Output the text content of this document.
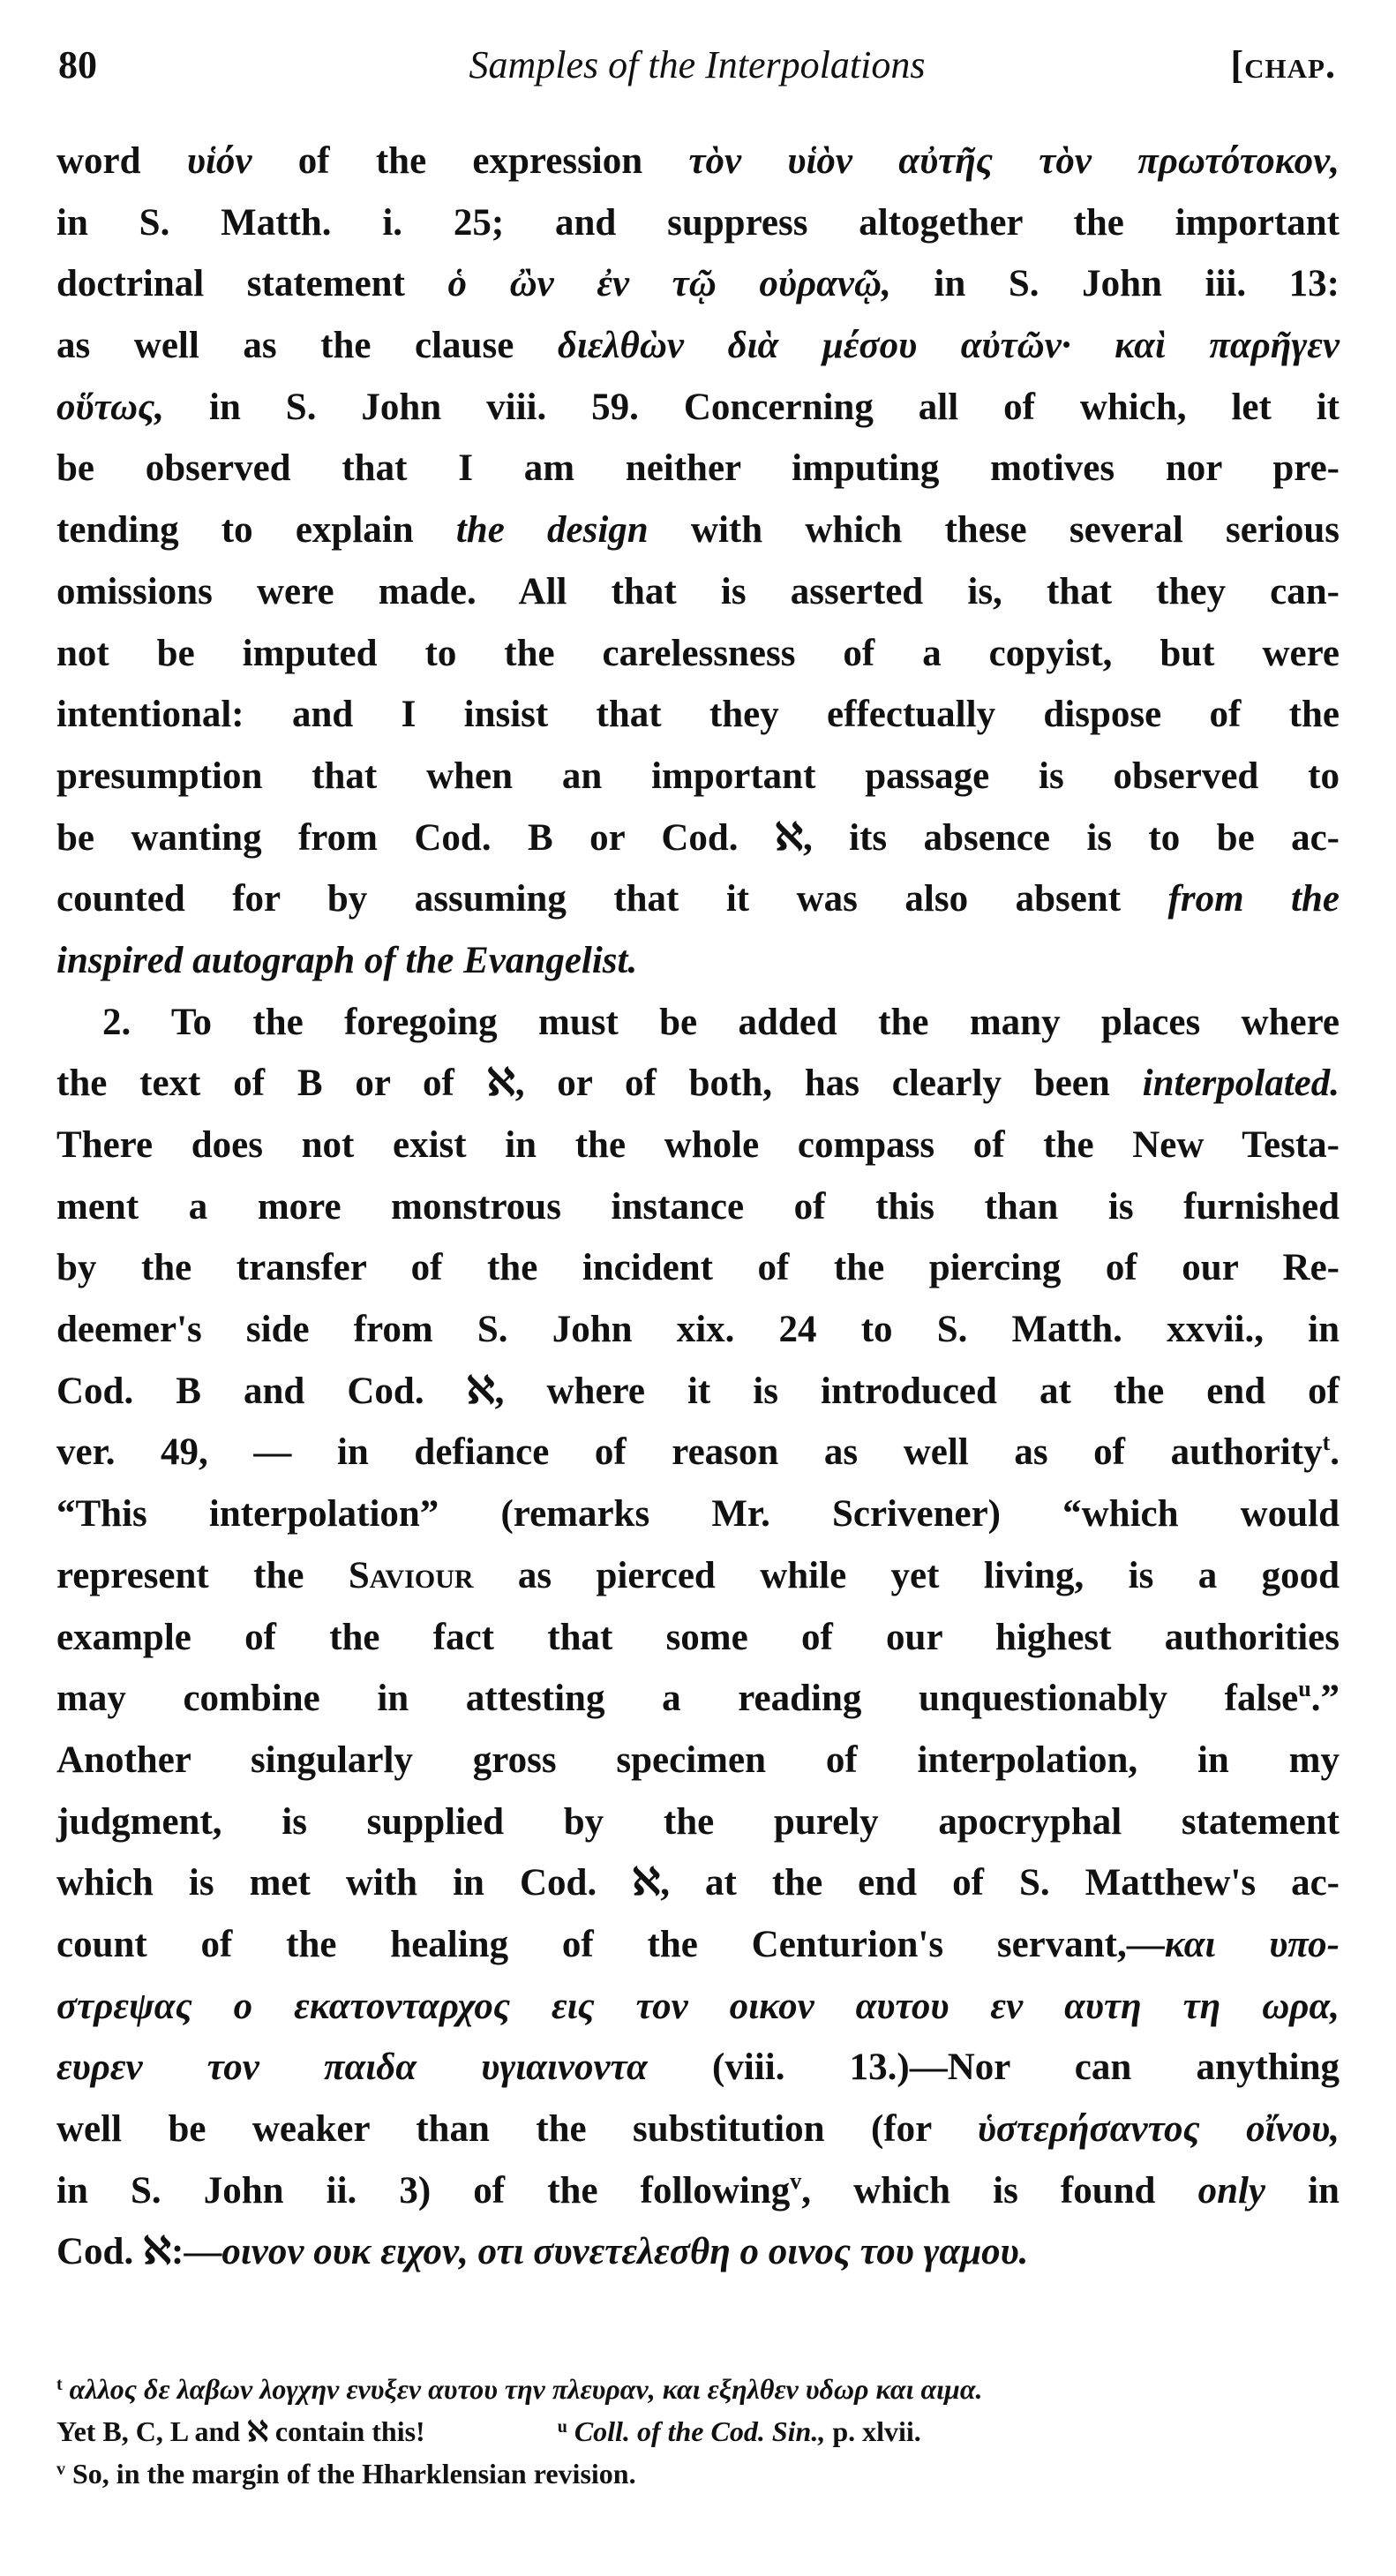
80	Samples of the Interpolations	[chap.
word υἱόν of the expression τὸν υἱὸν αὐτῆς τὸν πρωτότοκον,
in S. Matth. i. 25; and suppress altogether the important
doctrinal statement ὁ ὢν ἐν τῷ οὐρανῷ, in S. John iii. 13:
as well as the clause διελθὼν διὰ μέσου αὐτῶν· καὶ παρῆγεν
οὕτως, in S. John viii. 59. Concerning all of which, let it
be observed that I am neither imputing motives nor pre-
tending to explain the design with which these several serious
omissions were made. All that is asserted is, that they can-
not be imputed to the carelessness of a copyist, but were
intentional: and I insist that they effectually dispose of the
presumption that when an important passage is observed to
be wanting from Cod. B or Cod. ℵ, its absence is to be ac-
counted for by assuming that it was also absent from the
inspired autograph of the Evangelist.
2. To the foregoing must be added the many places where
the text of B or of ℵ, or of both, has clearly been interpolated.
There does not exist in the whole compass of the New Testa-
ment a more monstrous instance of this than is furnished
by the transfer of the incident of the piercing of our Re-
deemer's side from S. John xix. 24 to S. Matth. xxvii., in
Cod. B and Cod. ℵ, where it is introduced at the end of
ver. 49, — in defiance of reason as well as of authority$^t$.
“This interpolation” (remarks Mr. Scrivener) “which would
represent the Saviour as pierced while yet living, is a good
example of the fact that some of our highest authorities
may combine in attesting a reading unquestionably false$^u$.”
Another singularly gross specimen of interpolation, in my
judgment, is supplied by the purely apocryphal statement
which is met with in Cod. ℵ, at the end of S. Matthew's ac-
count of the healing of the Centurion's servant,—και υπο-
στρεψας ο εκατονταρχος εις τον οικον αυτου εν αυτη τη ωρα,
ευρεν τον παιδα υγιαινοντα (viii. 13.)—Nor can anything
well be weaker than the substitution (for ὑστερήσαντος οἴνου,
in S. John ii. 3) of the following$^v$, which is found only in
Cod. ℵ:—οινον ουκ ειχον, οτι συνετελεσθη ο οινος του γαμου.
$^t$ αλλος δε λαβων λογχην ενυξεν αυτου την πλευραν, και εξηλθεν υδωρ και αιμα.
Yet B, C, L and ℵ contain this!	$^u$ Coll. of the Cod. Sin., p. xlvii.
$^v$ So, in the margin of the Hharklensian revision.
